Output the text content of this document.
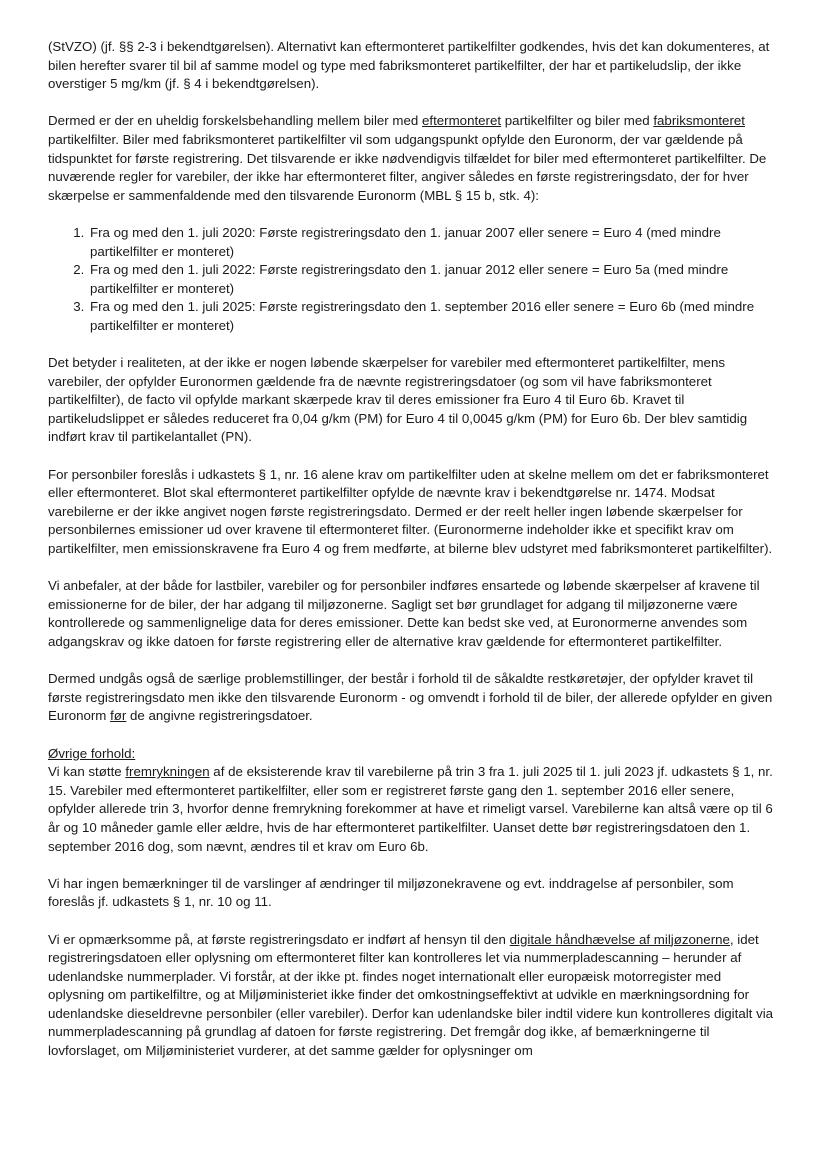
(StVZO) (jf. §§ 2-3 i bekendtgørelsen). Alternativt kan eftermonteret partikelfilter godkendes, hvis det kan dokumenteres, at bilen herefter svarer til bil af samme model og type med fabriksmonteret partikelfilter, der har et partikeludslip, der ikke overstiger 5 mg/km (jf. § 4 i bekendtgørelsen).

Dermed er der en uheldig forskelsbehandling mellem biler med eftermonteret partikelfilter og biler med fabriksmonteret partikelfilter. Biler med fabriksmonteret partikelfilter vil som udgangspunkt opfylde den Euronorm, der var gældende på tidspunktet for første registrering. Det tilsvarende er ikke nødvendigvis tilfældet for biler med eftermonteret partikelfilter. De nuværende regler for varebiler, der ikke har eftermonteret filter, angiver således en første registreringsdato, der for hver skærpelse er sammenfaldende med den tilsvarende Euronorm (MBL § 15 b, stk. 4):

1. Fra og med den 1. juli 2020: Første registreringsdato den 1. januar 2007 eller senere = Euro 4 (med mindre partikelfilter er monteret)
2. Fra og med den 1. juli 2022: Første registreringsdato den 1. januar 2012 eller senere = Euro 5a (med mindre partikelfilter er monteret)
3. Fra og med den 1. juli 2025: Første registreringsdato den 1. september 2016 eller senere = Euro 6b (med mindre partikelfilter er monteret)

Det betyder i realiteten, at der ikke er nogen løbende skærpelser for varebiler med eftermonteret partikelfilter, mens varebiler, der opfylder Euronormen gældende fra de nævnte registreringsdatoer (og som vil have fabriksmonteret partikelfilter), de facto vil opfylde markant skærpede krav til deres emissioner fra Euro 4 til Euro 6b. Kravet til partikeludslippet er således reduceret fra 0,04 g/km (PM) for Euro 4 til 0,0045 g/km (PM) for Euro 6b. Der blev samtidig indført krav til partikelantallet (PN).

For personbiler foreslås i udkastets § 1, nr. 16 alene krav om partikelfilter uden at skelne mellem om det er fabriksmonteret eller eftermonteret. Blot skal eftermonteret partikelfilter opfylde de nævnte krav i bekendtgørelse nr. 1474. Modsat varebilerne er der ikke angivet nogen første registreringsdato. Dermed er der reelt heller ingen løbende skærpelser for personbilernes emissioner ud over kravene til eftermonteret filter. (Euronormerne indeholder ikke et specifikt krav om partikelfilter, men emissionskravene fra Euro 4 og frem medførte, at bilerne blev udstyret med fabriksmonteret partikelfilter).

Vi anbefaler, at der både for lastbiler, varebiler og for personbiler indføres ensartede og løbende skærpelser af kravene til emissionerne for de biler, der har adgang til miljøzonerne. Sagligt set bør grundlaget for adgang til miljøzonerne være kontrollerede og sammenlignelige data for deres emissioner. Dette kan bedst ske ved, at Euronormerne anvendes som adgangskrav og ikke datoen for første registrering eller de alternative krav gældende for eftermonteret partikelfilter.

Dermed undgås også de særlige problemstillinger, der består i forhold til de såkaldte restkøretøjer, der opfylder kravet til første registreringsdato men ikke den tilsvarende Euronorm - og omvendt i forhold til de biler, der allerede opfylder en given Euronorm før de angivne registreringsdatoer.

Øvrige forhold:

Vi kan støtte fremrykningen af de eksisterende krav til varebilerne på trin 3 fra 1. juli 2025 til 1. juli 2023 jf. udkastets § 1, nr. 15. Varebiler med eftermonteret partikelfilter, eller som er registreret første gang den 1. september 2016 eller senere, opfylder allerede trin 3, hvorfor denne fremrykning forekommer at have et rimeligt varsel. Varebilerne kan altså være op til 6 år og 10 måneder gamle eller ældre, hvis de har eftermonteret partikelfilter. Uanset dette bør registreringsdatoen den 1. september 2016 dog, som nævnt, ændres til et krav om Euro 6b.

Vi har ingen bemærkninger til de varslinger af ændringer til miljøzonekravene og evt. inddragelse af personbiler, som foreslås jf. udkastets § 1, nr. 10 og 11.

Vi er opmærksomme på, at første registreringsdato er indført af hensyn til den digitale håndhævelse af miljøzonerne, idet registreringsdatoen eller oplysning om eftermonteret filter kan kontrolleres let via nummerpladescanning – herunder af udenlandske nummerplader. Vi forstår, at der ikke pt. findes noget internationalt eller europæisk motorregister med oplysning om partikelfiltre, og at Miljøministeriet ikke finder det omkostningseffektivt at udvikle en mærkningsordning for udenlandske dieseldrevne personbiler (eller varebiler). Derfor kan udenlandske biler indtil videre kun kontrolleres digitalt via nummerpladescanning på grundlag af datoen for første registrering. Det fremgår dog ikke, af bemærkningerne til lovforslaget, om Miljøministeriet vurderer, at det samme gælder for oplysninger om
